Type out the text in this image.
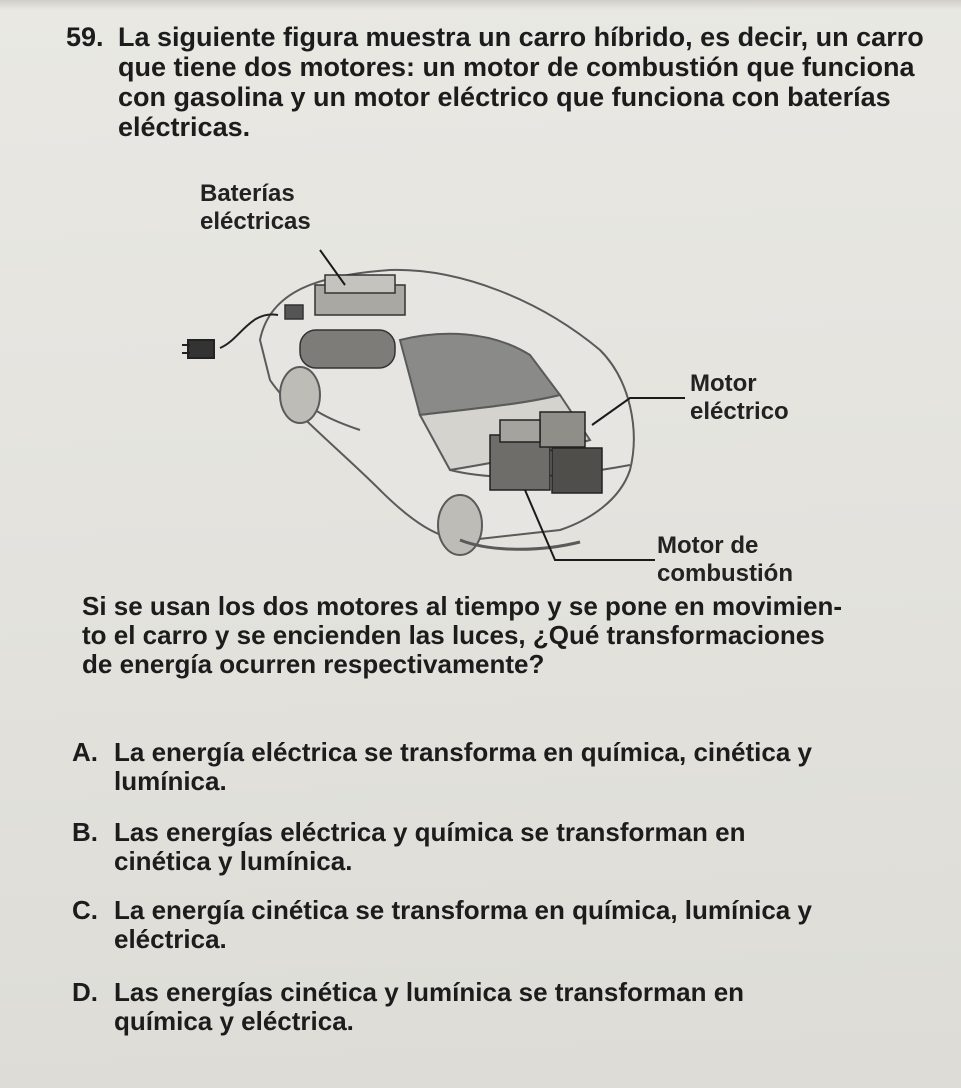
59. La siguiente figura muestra un carro híbrido, es decir, un carro
que tiene dos motores: un motor de combustión que funciona
con gasolina y un motor eléctrico que funciona con baterías
eléctricas.
Baterías
eléctricas
Motor
eléctrico
Motor de
combustión
Si se usan los dos motores al tiempo y se pone en movimien-
to el carro y se encienden las luces, ¿Qué transformaciones
de energía ocurren respectivamente?
A. La energía eléctrica se transforma en química, cinética y
lumínica.
B. Las energías eléctrica y química se transforman en
cinética y lumínica.
C. La energía cinética se transforma en química, lumínica y
eléctrica.
D. Las energías cinética y lumínica se transforman en
química y eléctrica.
